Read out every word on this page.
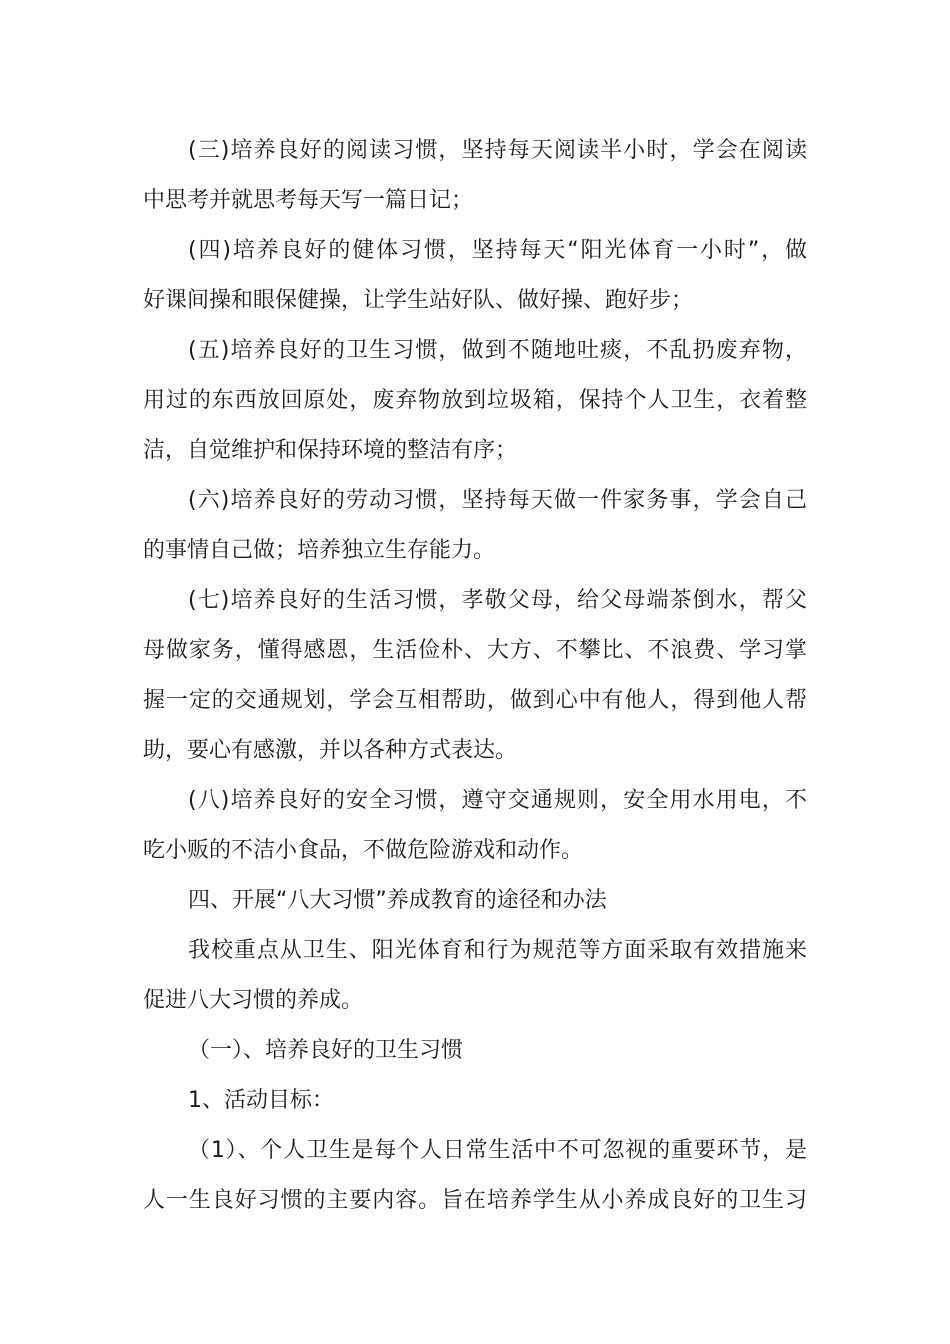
(三)培养良好的阅读习惯，坚持每天阅读半小时，学会在阅读
中思考并就思考每天写一篇日记；
(四)培养良好的健体习惯，坚持每天“阳光体育一小时”，做
好课间操和眼保健操，让学生站好队、做好操、跑好步；
(五)培养良好的卫生习惯，做到不随地吐痰，不乱扔废弃物，
用过的东西放回原处，废弃物放到垃圾箱，保持个人卫生，衣着整
洁，自觉维护和保持环境的整洁有序；
(六)培养良好的劳动习惯，坚持每天做一件家务事，学会自己
的事情自己做；培养独立生存能力。
(七)培养良好的生活习惯，孝敬父母，给父母端茶倒水，帮父
母做家务，懂得感恩，生活俭朴、大方、不攀比、不浪费、学习掌
握一定的交通规划，学会互相帮助，做到心中有他人，得到他人帮
助，要心有感激，并以各种方式表达。
(八)培养良好的安全习惯，遵守交通规则，安全用水用电，不
吃小贩的不洁小食品，不做危险游戏和动作。
四、开展“八大习惯”养成教育的途径和办法
我校重点从卫生、阳光体育和行为规范等方面采取有效措施来
促进八大习惯的养成。
（一）、培养良好的卫生习惯
1、活动目标：
（1）、个人卫生是每个人日常生活中不可忽视的重要环节，是
人一生良好习惯的主要内容。旨在培养学生从小养成良好的卫生习
